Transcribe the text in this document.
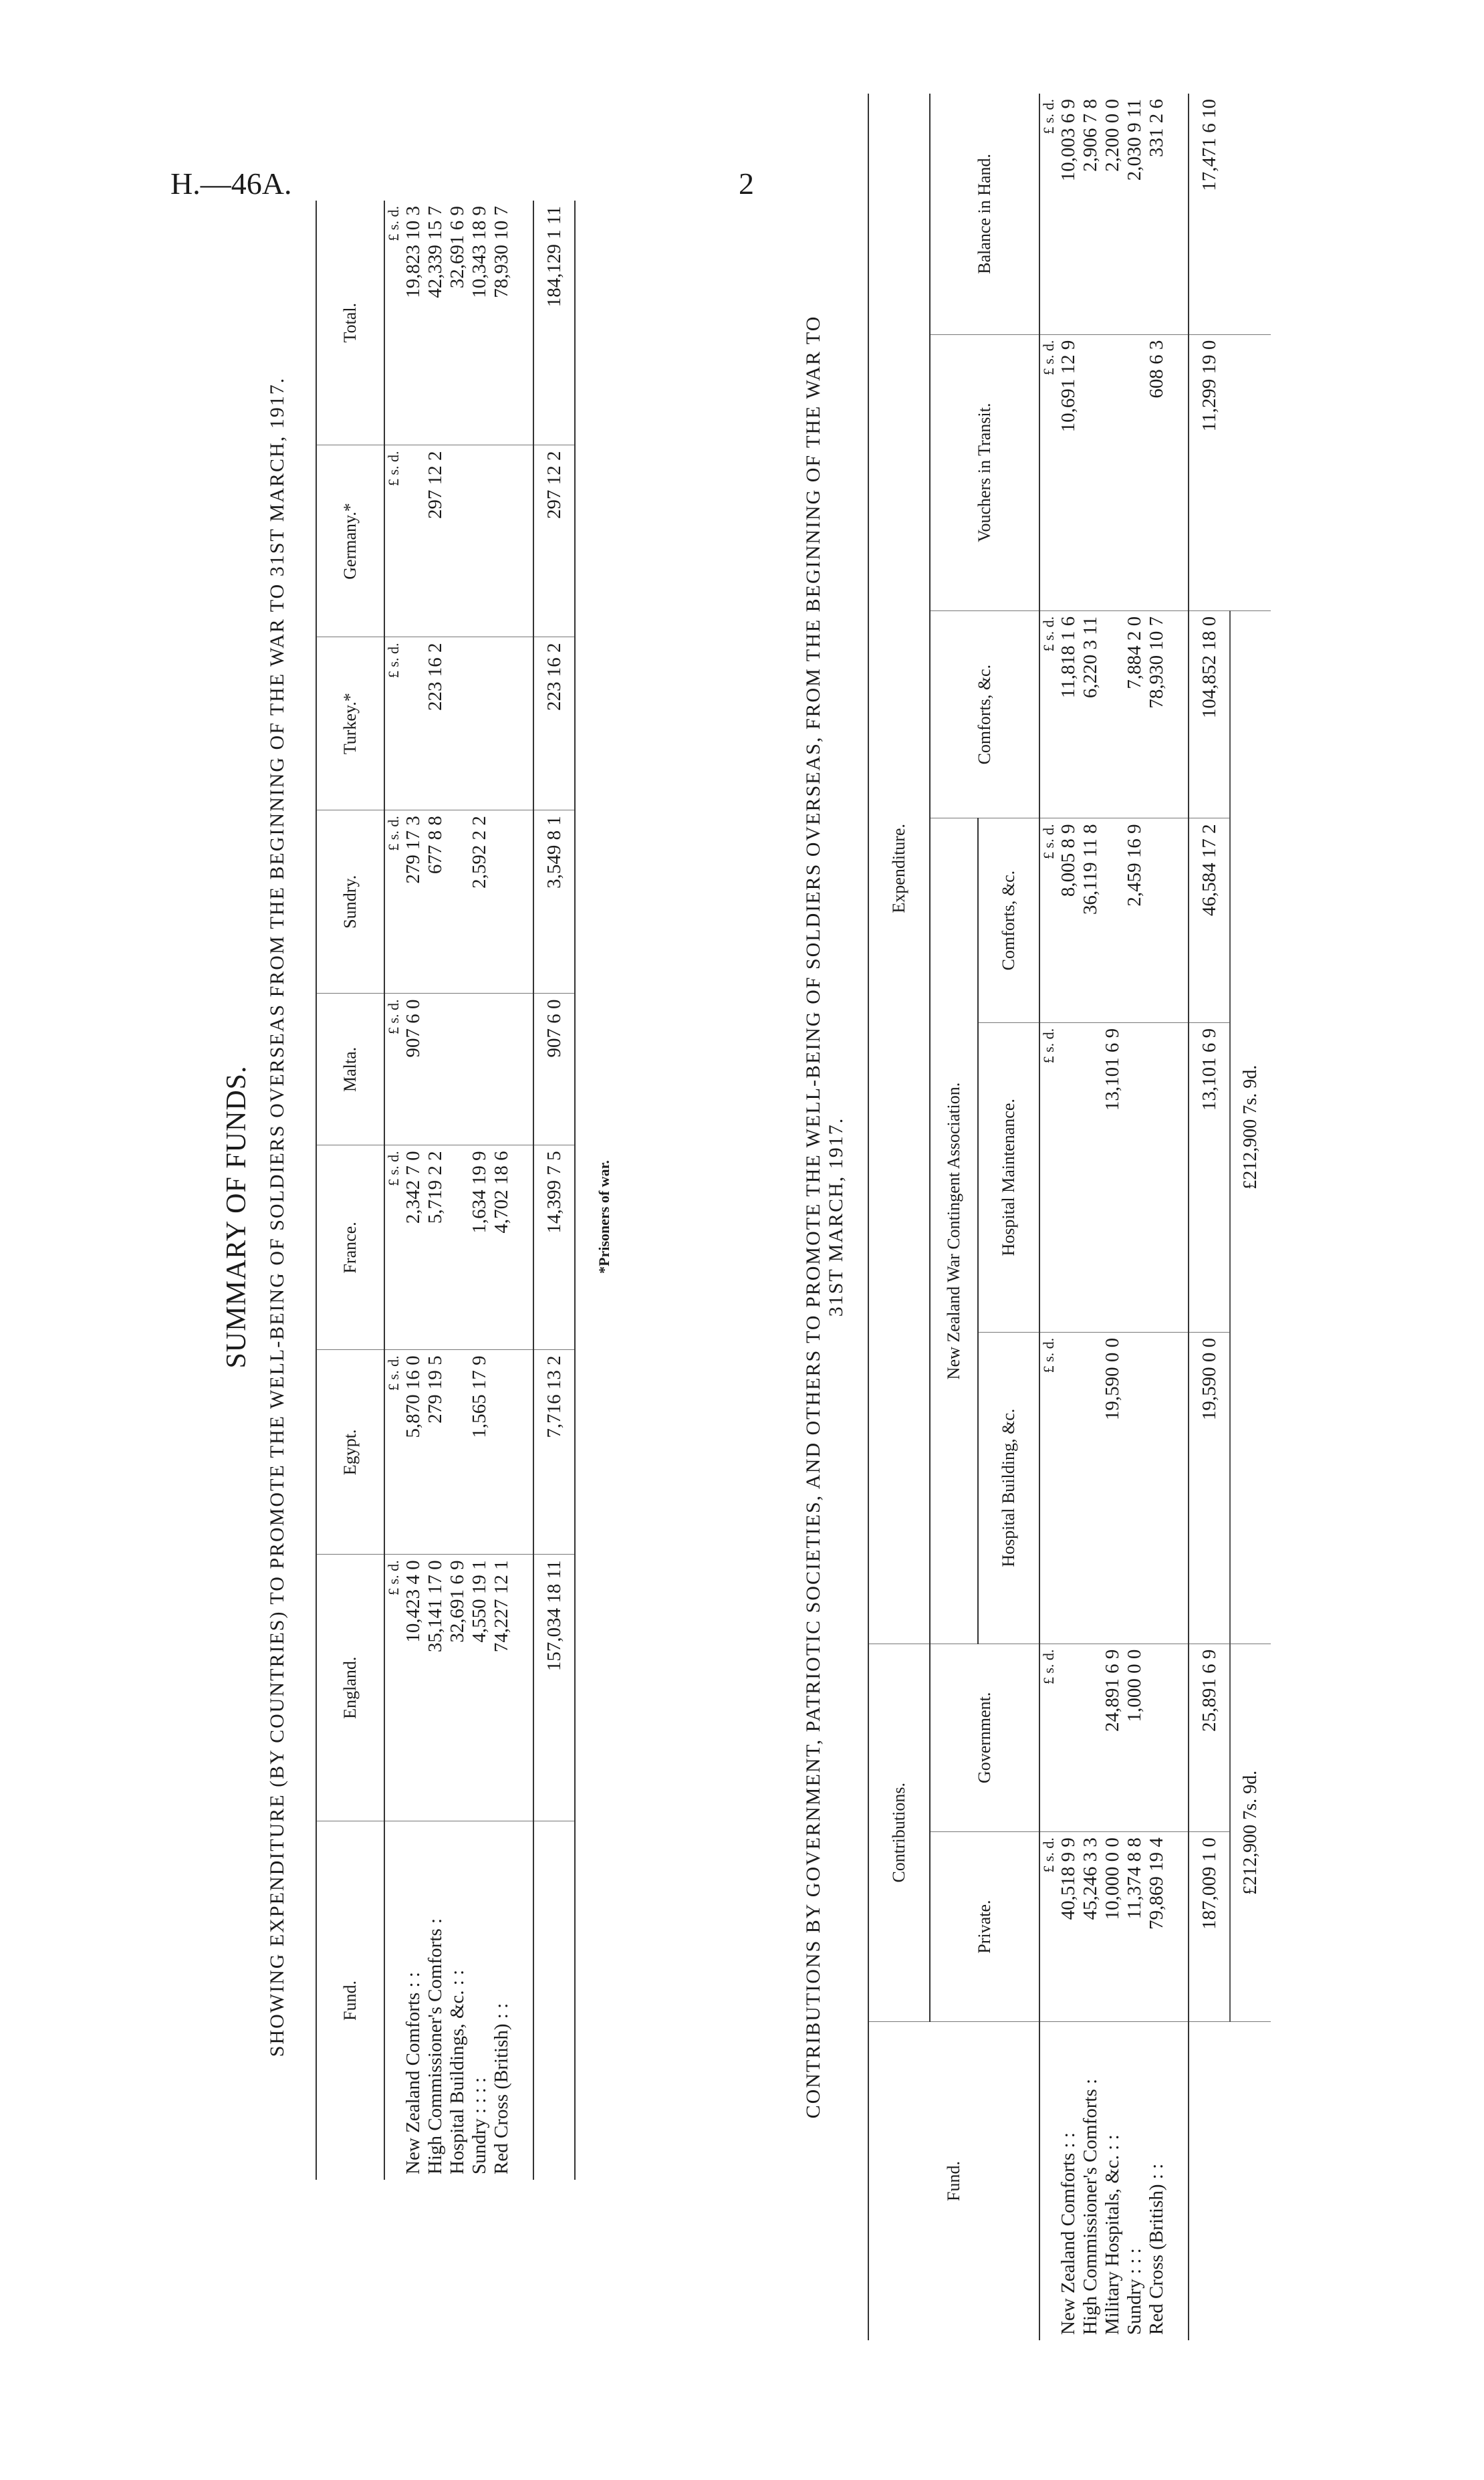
H.—46A.	2
SUMMARY OF FUNDS. SHOWING EXPENDITURE (BY COUNTRIES) TO PROMOTE THE WELL-BEING OF SOLDIERS OVERSEAS FROM THE BEGINNING OF THE WAR TO 31ST MARCH, 1917.	Fund.	England.	Egypt.	France.	Malta.	Sundry.	Turkey.*	Germany.*	Total.
	£ s. d.	£ s. d.	£ s. d.	£ s. d.	£ s. d.	£ s. d.	£ s. d.	£ s. d.
New Zealand Comforts : :	10,423 4 0	5,870 16 0	2,342 7 0	907 6 0	279 17 3			19,823 10 3
High Commissioner's Comforts :	35,141 17 0	279 19 5	5,719 2 2		677 8 8	223 16 2	297 12 2	42,339 15 7
Hospital Buildings, &c. : :	32,691 6 9							32,691 6 9
Sundry : : : :	4,550 19 1	1,565 17 9	1,634 19 9		2,592 2 2			10,343 18 9
Red Cross (British) : :	74,227 12 1		4,702 18 6					78,930 10 7
	157,034 18 11	7,716 13 2	14,399 7 5	907 6 0	3,549 8 1	223 16 2	297 12 2	184,129 1 11
*Prisoners of war.	CONTRIBUTIONS BY GOVERNMENT, PATRIOTIC SOCIETIES, AND OTHERS TO PROMOTE THE WELL-BEING OF SOLDIERS OVERSEAS, FROM THE BEGINNING OF THE WAR TO 31ST MARCH, 1917.
Fund.	Contributions.		Expenditure.					
	Private.	Government.	New Zealand War Contingent Association.			Comforts, &c.	Vouchers in Transit.	Balance in Hand.
			Hospital Building, &c.	Hospital Maintenance.	Comforts, &c.			
	£ s. d.	£ s. d.	£ s. d.	£ s. d.	£ s. d.	£ s. d.	£ s. d.	£ s. d.
New Zealand Comforts : :	40,518 9 9				8,005 8 9	11,818 1 6	10,691 12 9	10,003 6 9
High Commissioner's Comforts :	45,246 3 3				36,119 11 8	6,220 3 11		2,906 7 8
Military Hospitals, &c. : :	10,000 0 0	24,891 6 9	19,590 0 0	13,101 6 9				2,200 0 0
Sundry : : :	11,374 8 8	1,000 0 0			2,459 16 9	7,884 2 0		2,030 9 11
Red Cross (British) : :	79,869 19 4					78,930 10 7	608 6 3	331 2 6
	187,009 1 0	25,891 6 9	19,590 0 0	13,101 6 9	46,584 17 2	104,852 18 0	11,299 19 0	17,471 6 10
	£212,900 7s. 9d.		£212,900 7s. 9d.					
